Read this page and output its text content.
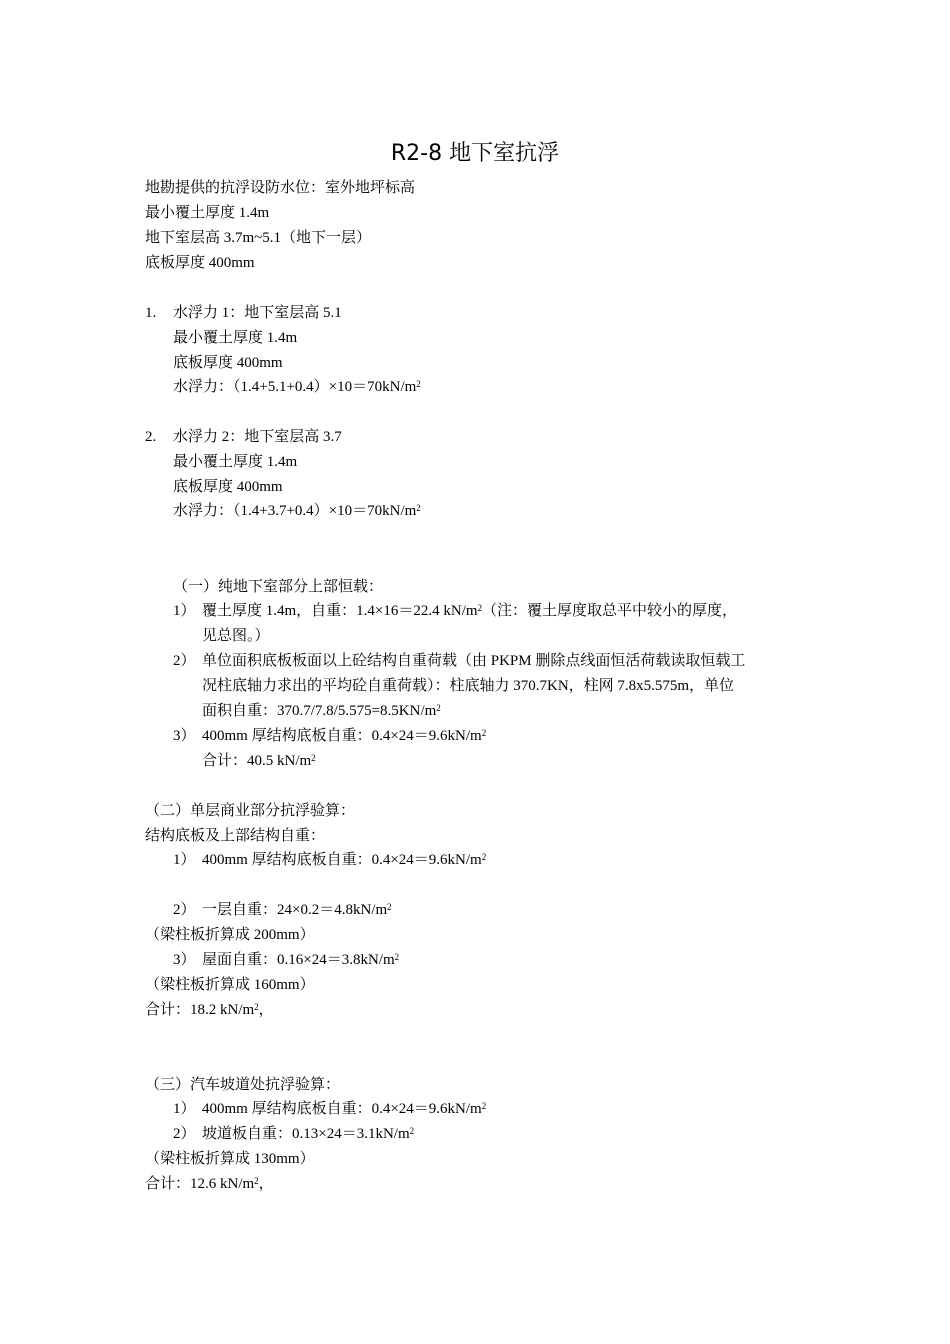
R2-8 地下室抗浮
地勘提供的抗浮设防水位：室外地坪标高
最小覆土厚度 1.4m
地下室层高 3.7m~5.1（地下一层）
底板厚度 400mm
1. 水浮力 1：地下室层高 5.1
最小覆土厚度 1.4m
底板厚度 400mm
水浮力：$(1.4+5.1+0.4)\times 10=70kN/m^2$
2. 水浮力 2：地下室层高 3.7
最小覆土厚度 1.4m
底板厚度 400mm
水浮力：$(1.4+3.7+0.4)\times 10=70kN/m^2$
（一）纯地下室部分上部恒载：
1） 覆土厚度 1.4m，自重：1.4×16＝22.4 $kN/m^2$（注：覆土厚度取总平中较小的厚度，
见总图。）
2） 单位面积底板板面以上砼结构自重荷载（由 PKPM 删除点线面恒活荷载读取恒载工
况柱底轴力求出的平均砼自重荷载）：柱底轴力 370.7KN，柱网 7.8x5.575m，单位
面积自重：$370.7/7.8/5.575=8.5KN/m^2$
3） 400mm 厚结构底板自重：$0.4\times 24=9.6kN/m^2$
合计：40.5 $kN/m^2$
（二）单层商业部分抗浮验算：
结构底板及上部结构自重：
1） 400mm 厚结构底板自重：$0.4\times 24=9.6kN/m^2$
2） 一层自重：$24\times 0.2=4.8kN/m^2$
（梁柱板折算成 200mm）
3） 屋面自重：$0.16\times 24=3.8kN/m^2$
（梁柱板折算成 160mm）
合计：18.2 $kN/m^2$，
（三）汽车坡道处抗浮验算：
1） 400mm 厚结构底板自重：$0.4\times 24=9.6kN/m^2$
2） 坡道板自重：$0.13\times 24=3.1kN/m^2$
（梁柱板折算成 130mm）
合计：12.6 $kN/m^2$，
